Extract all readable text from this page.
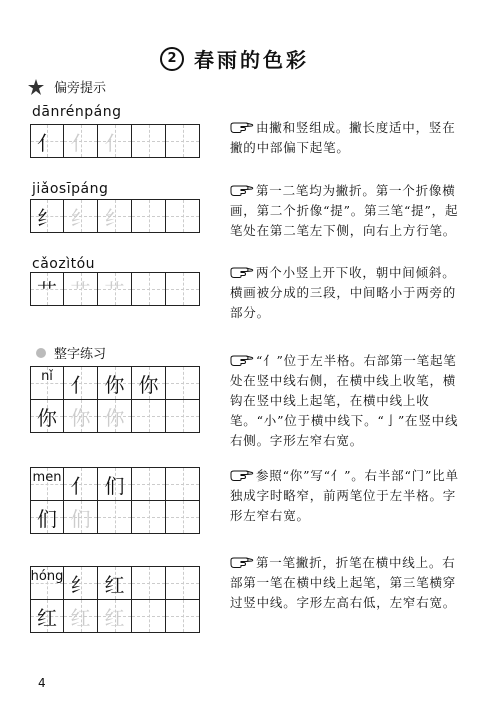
2 春雨的色彩
偏旁提示
dānrénpáng
亻 亻 亻
由撇和竖组成。撇长度适中，竖在撇的中部偏下起笔。
jiǎosīpáng
纟 纟 纟
第一二笔均为撇折。第一个折像横画，第二个折像“提”。第三笔“提”，起笔处在第二笔左下侧，向右上方行笔。
cǎozìtóu
艹 艹 艹
两个小竖上开下收，朝中间倾斜。横画被分成的三段，中间略小于两旁的部分。
整字练习
nǐ 亻 你 你
你 你 你
“亻”位于左半格。右部第一笔起笔处在竖中线右侧，在横中线上收笔，横钩在竖中线上起笔，在横中线上收笔。“小”位于横中线下。“亅”在竖中线右侧。字形左窄右宽。
men 亻 们
们 们
参照“你”写“亻”。右半部“门”比单独成字时略窄，前两笔位于左半格。字形左窄右宽。
hóng 纟 红
红 红 红
第一笔撇折，折笔在横中线上。右部第一笔在横中线上起笔，第三笔横穿过竖中线。字形左高右低，左窄右宽。
4
